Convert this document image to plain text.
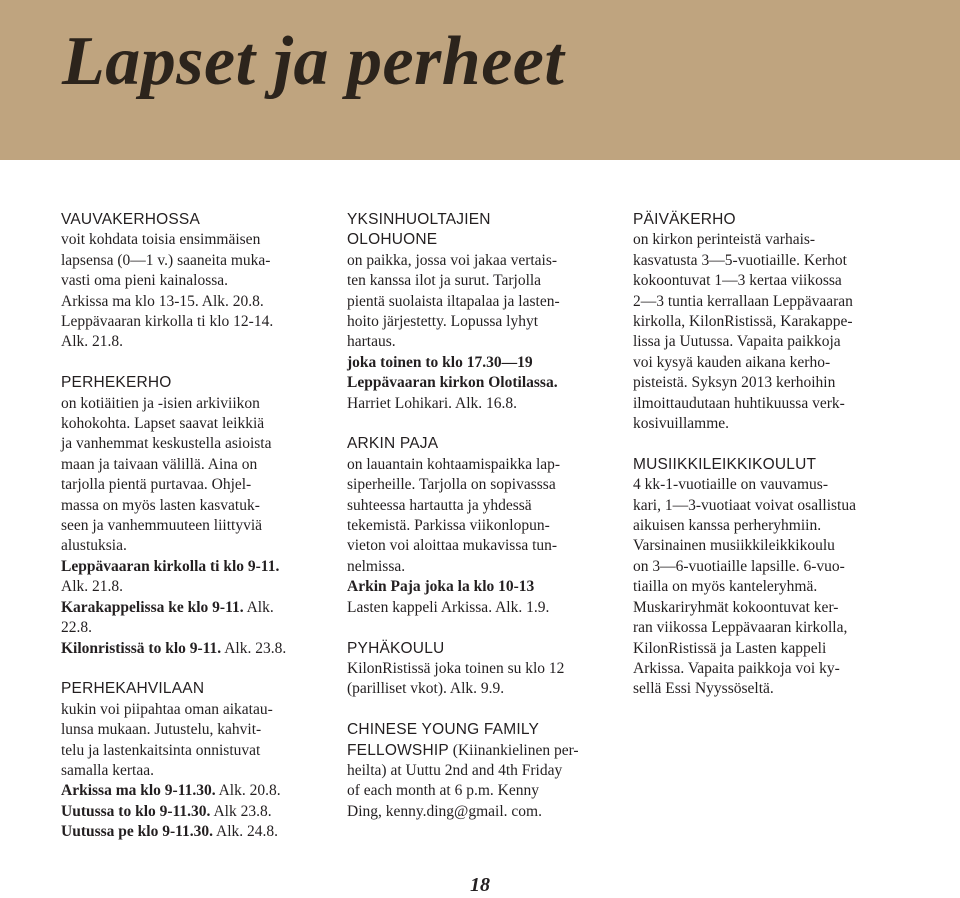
Lapset ja perheet
VAUVAKERHOSSA
voit kohdata toisia ensimmäisen
lapsensa (0—1 v.) saaneita muka-
vasti oma pieni kainalossa.
Arkissa ma klo 13-15. Alk. 20.8.
Leppävaaran kirkolla ti klo 12-14.
Alk. 21.8.
PERHEKERHO
on kotiäitien ja -isien arkiviikon
kohokohta. Lapset saavat leikkiä
ja vanhemmat keskustella asioista
maan ja taivaan välillä. Aina on
tarjolla pientä purtavaa. Ohjel-
massa on myös lasten kasvatuk-
seen ja vanhemmuuteen liittyviä
alustuksia.
Leppävaaran kirkolla ti klo 9-11.
Alk. 21.8.
Karakappelissa ke klo 9-11. Alk.
22.8.
Kilonristissä to klo 9-11. Alk. 23.8.
PERHEKAHVILAAN
kukin voi piipahtaa oman aikatau-
lunsa mukaan. Jutustelu, kahvit-
telu ja lastenkaitsinta onnistuvat
samalla kertaa.
Arkissa ma klo 9-11.30. Alk. 20.8.
Uutussa to klo 9-11.30. Alk 23.8.
Uutussa pe klo 9-11.30. Alk. 24.8.
YKSINHUOLTAJIEN
OLOHUONE
on paikka, jossa voi jakaa vertais-
ten kanssa ilot ja surut. Tarjolla
pientä suolaista iltapalaa ja lasten-
hoito järjestetty. Lopussa lyhyt
hartaus.
joka toinen to klo 17.30—19
Leppävaaran kirkon Olotilassa.
Harriet Lohikari. Alk. 16.8.
ARKIN PAJA
on lauantain kohtaamispaikka lap-
siperheille. Tarjolla on sopivasssa
suhteessa hartautta ja yhdessä
tekemistä. Parkissa viikonlopun-
vieton voi aloittaa mukavissa tun-
nelmissa.
Arkin Paja joka la klo 10-13
Lasten kappeli Arkissa. Alk. 1.9.
PYHÄKOULU
KilonRistissä joka toinen su klo 12
(parilliset vkot). Alk. 9.9.
CHINESE YOUNG FAMILY
FELLOWSHIP (Kiinankielinen per-
heilta) at Uuttu 2nd and 4th Friday
of each month at 6 p.m. Kenny
Ding, kenny.ding@gmail. com.
PÄIVÄKERHO
on kirkon perinteistä varhais-
kasvatusta 3—5-vuotiaille. Kerhot
kokoontuvat 1—3 kertaa viikossa
2—3 tuntia kerrallaan Leppävaaran
kirkolla, KilonRistissä, Karakappe-
lissa ja Uutussa. Vapaita paikkoja
voi kysyä kauden aikana kerho-
pisteistä. Syksyn 2013 kerhoihin
ilmoittaudutaan huhtikuussa verk-
kosivuillamme.
MUSIIKKILEIKKIKOULUT
4 kk-1-vuotiaille on vauvamus-
kari, 1—3-vuotiaat voivat osallistua
aikuisen kanssa perheryhmiin.
Varsinainen musiikkileikkikoulu
on 3—6-vuotiaille lapsille. 6-vuo-
tiailla on myös kanteleryhmä.
Muskariryhmät kokoontuvat ker-
ran viikossa Leppävaaran kirkolla,
KilonRistissä ja Lasten kappeli
Arkissa. Vapaita paikkoja voi ky-
sellä Essi Nyyssöseltä.
18
